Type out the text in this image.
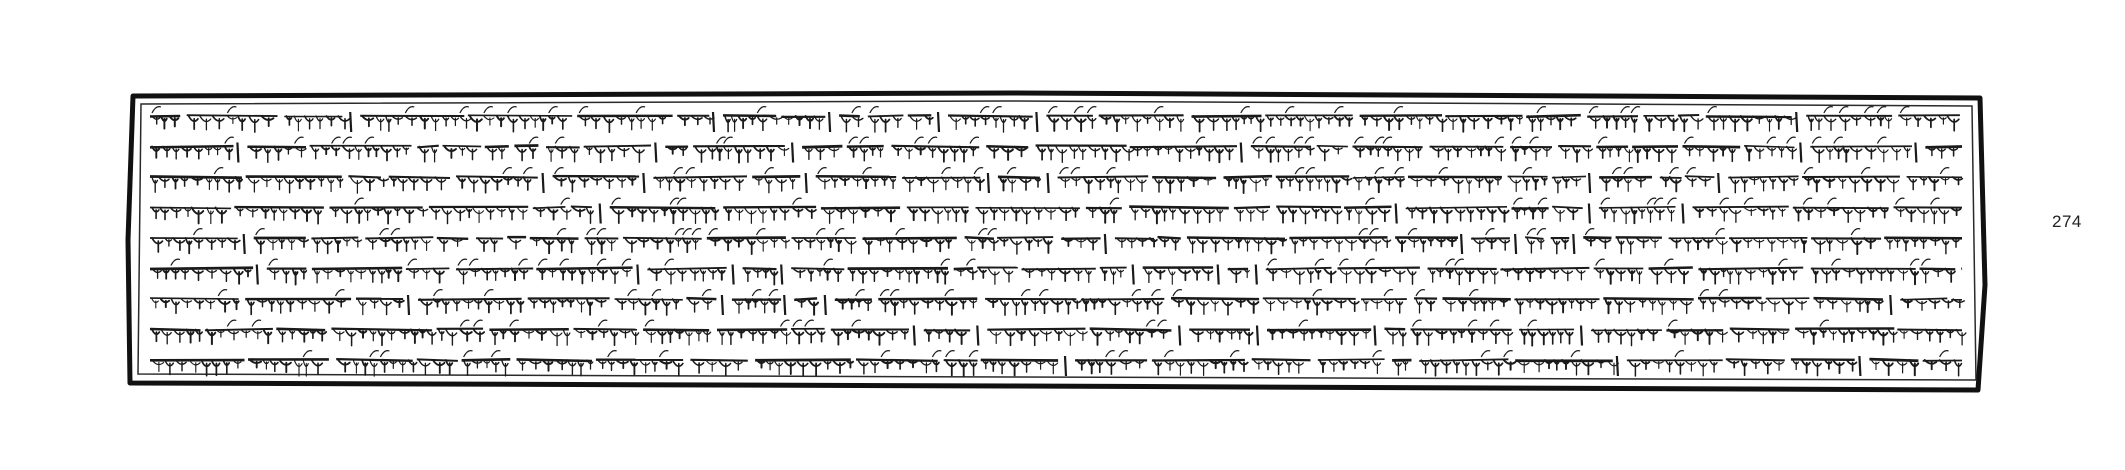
274
